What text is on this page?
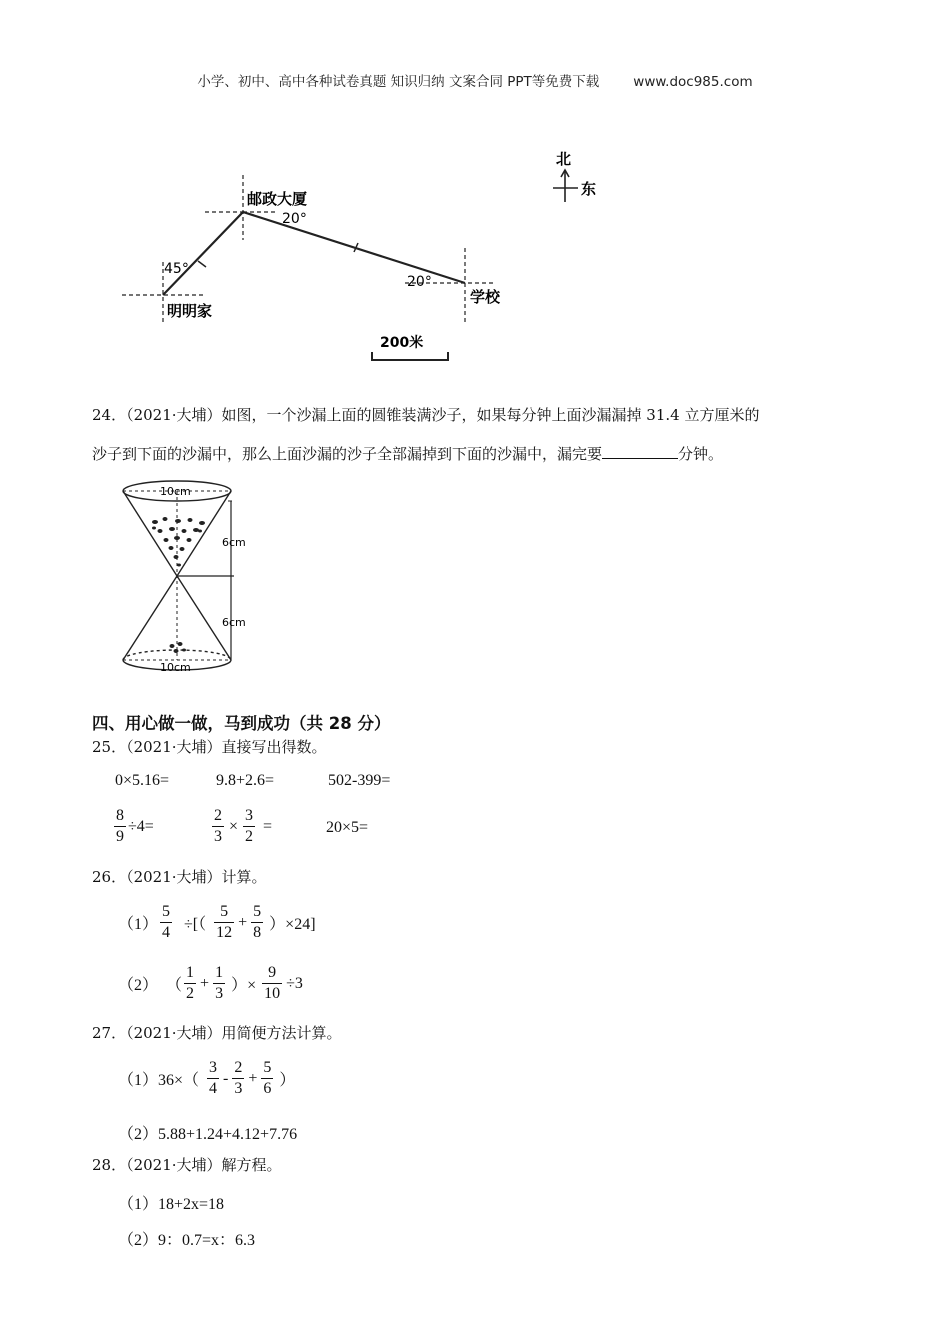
小学、初中、高中各种试卷真题 知识归纳 文案合同 PPT等免费下载	www.doc985.com
北
东
邮政大厦
20°
20°
45°
明明家
学校
200米
24．（2021·大埔）如图，一个沙漏上面的圆锥装满沙子，如果每分钟上面沙漏漏掉 31.4 立方厘米的
沙子到下面的沙漏中，那么上面沙漏的沙子全部漏掉到下面的沙漏中，漏完要	分钟。
10cm
6cm
6cm
10cm
四、用心做一做，马到成功（共 28 分）
25．（2021·大埔）直接写出得数。
0×5.16=	9.8+2.6=	502-399=
$\frac{8}{9} \div 4=$	$\frac{2}{3} \times \frac{3}{2}$ =	20×5=
26．（2021·大埔）计算。
$(1) \frac{5}{4}$ ÷[（ $\frac{5}{12} + \frac{5}{8} )\times 24$]
（2） （ $\frac{1}{2} + \frac{1}{3}$ ）× $\frac{9}{10} \div 3$
27．（2021·大埔）用简便方法计算。
（1） $36\times( \frac{3}{4} - \frac{2}{3} + \frac{5}{6}$ ）
（2）5.88+1.24+4.12+7.76
28．（2021·大埔）解方程。
（1）18+2x=18
（2）9：0.7=x：6.3
